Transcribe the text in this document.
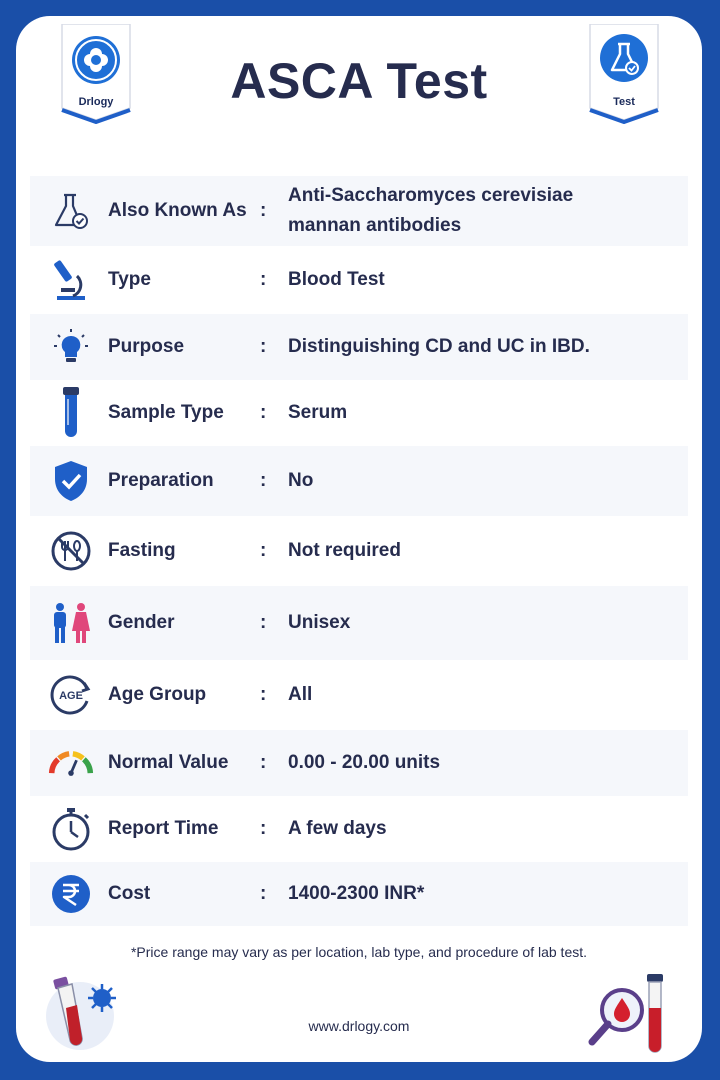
Drlogy	ASCA Test	Test
Also Known As :
Anti-Saccharomyces cerevisiae mannan antibodies
Type	:	Blood Test
Purpose	:	Distinguishing CD and UC in IBD.
Sample Type	:	Serum
Preparation	:	No
Fasting	:	Not required
Gender	:	Unisex
AGE Age Group	:	All
Normal Value	:	0.00 - 20.00 units
Report Time	:	A few days
Cost	:	1400-2300 INR*
*Price range may vary as per location, lab type, and procedure of lab test.
www.drlogy.com
